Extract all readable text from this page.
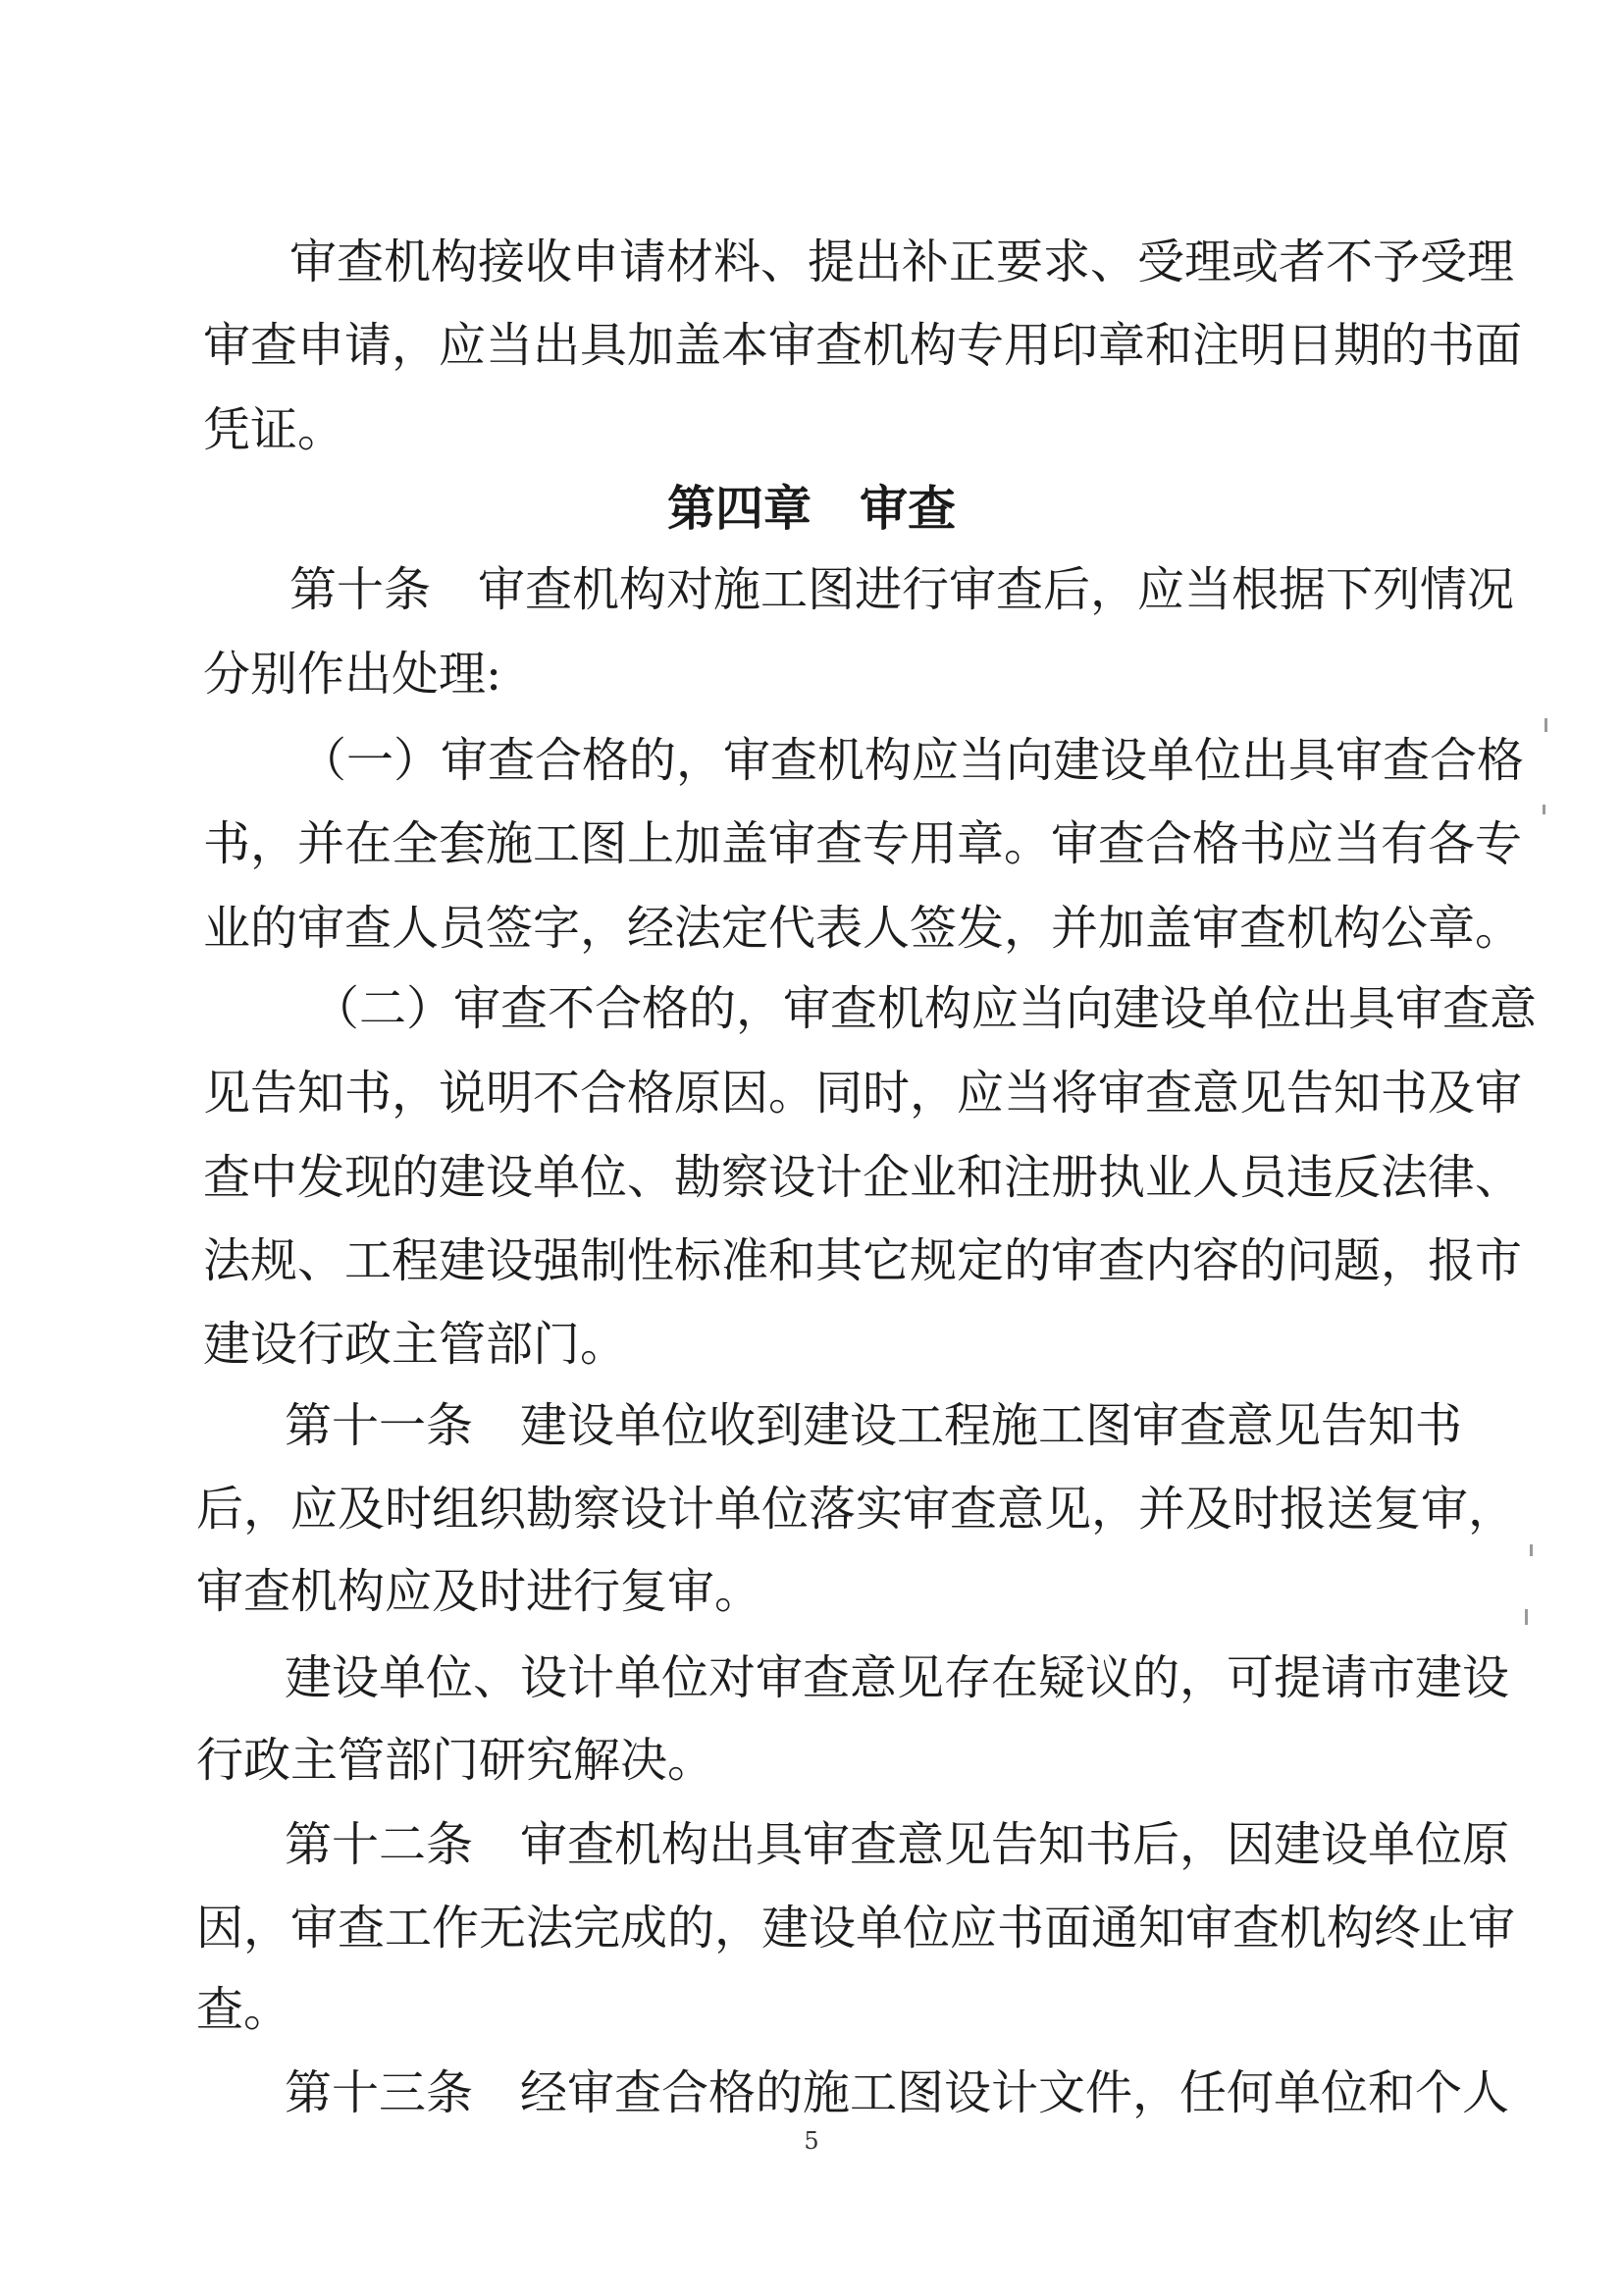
审查机构接收申请材料、提出补正要求、受理或者不予受理
审查申请，应当出具加盖本审查机构专用印章和注明日期的书面
凭证。
第四章　审查
第十条　审查机构对施工图进行审查后，应当根据下列情况
分别作出处理:
（一）审查合格的，审查机构应当向建设单位出具审查合格
书，并在全套施工图上加盖审查专用章。审查合格书应当有各专
业的审查人员签字，经法定代表人签发，并加盖审查机构公章。
（二）审查不合格的，审查机构应当向建设单位出具审查意
见告知书，说明不合格原因。同时，应当将审查意见告知书及审
查中发现的建设单位、勘察设计企业和注册执业人员违反法律、
法规、工程建设强制性标准和其它规定的审查内容的问题，报市
建设行政主管部门。
第十一条　建设单位收到建设工程施工图审查意见告知书
后，应及时组织勘察设计单位落实审查意见，并及时报送复审，
审查机构应及时进行复审。
建设单位、设计单位对审查意见存在疑议的，可提请市建设
行政主管部门研究解决。
第十二条　审查机构出具审查意见告知书后，因建设单位原
因，审查工作无法完成的，建设单位应书面通知审查机构终止审
查。
第十三条　经审查合格的施工图设计文件，任何单位和个人
5
